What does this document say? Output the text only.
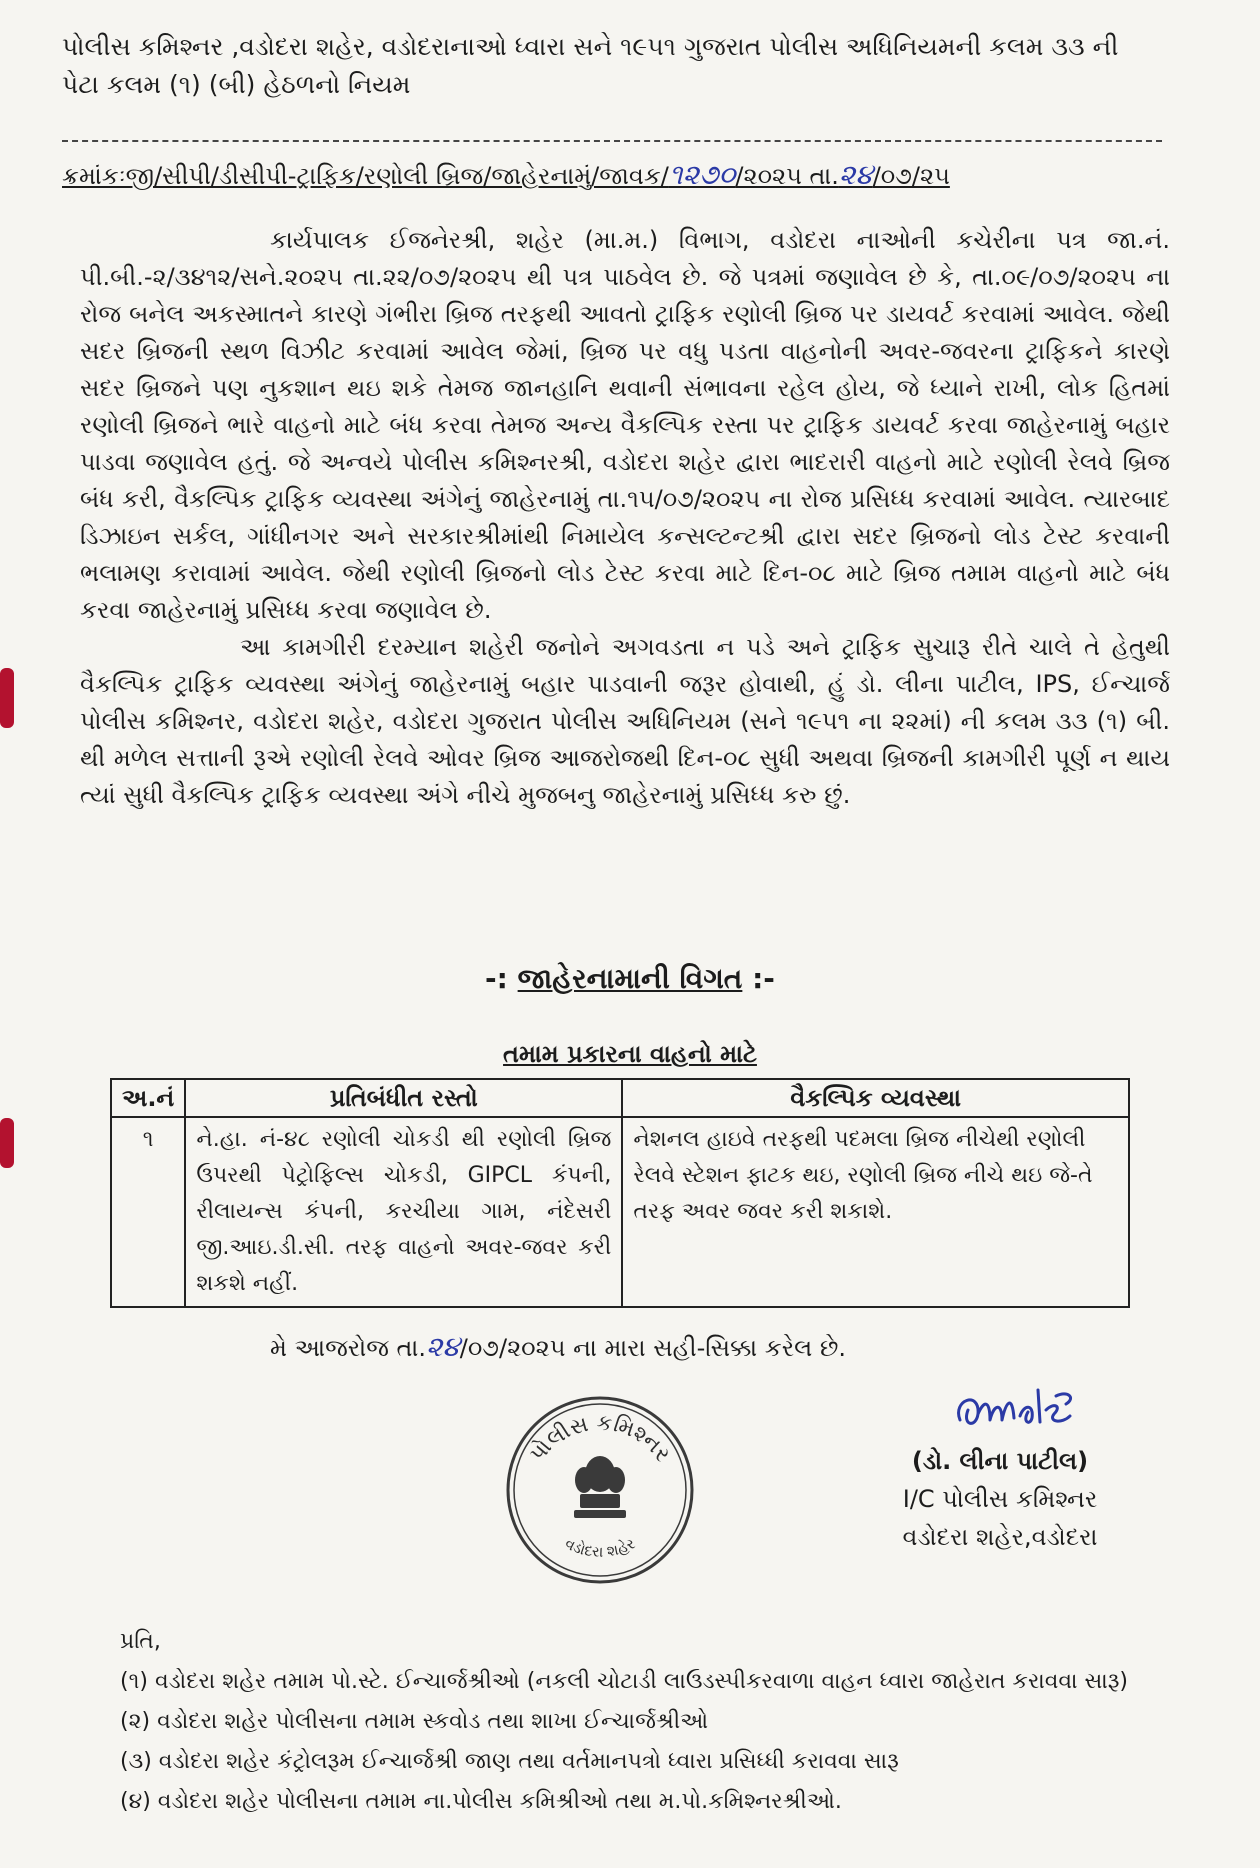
પોલીસ કમિશ્નર ,વડોદરા શહેર, વડોદરાનાઓ ધ્વારા સને ૧૯૫૧ ગુજરાત પોલીસ અધિનિયમની કલમ ૩૩ ની
પેટા કલમ (૧) (બી) હેઠળનો નિયમ
ક્રમાંકઃજી/સીપી/ડીસીપી-ટ્રાફિક/રણોલી બ્રિજ/જાહેરનામું/જાવક/૧૨૭૦/૨૦૨૫ તા.૨૪/૦૭/૨૫

કાર્યપાલક ઈજનેરશ્રી, શહેર (મા.મ.) વિભાગ, વડોદરા નાઓની કચેરીના પત્ર જા.નં. પી.બી.-૨/૩૪૧૨/સને.૨૦૨૫ તા.૨૨/૦૭/૨૦૨૫ થી પત્ર પાઠવેલ છે. જે પત્રમાં જણાવેલ છે કે, તા.૦૯/૦૭/૨૦૨૫ ના રોજ બનેલ અકસ્માતને કારણે ગંભીરા બ્રિજ તરફથી આવતો ટ્રાફિક રણોલી બ્રિજ પર ડાયવર્ટ કરવામાં આવેલ. જેથી સદર બ્રિજની સ્થળ વિઝીટ કરવામાં આવેલ જેમાં, બ્રિજ પર વધુ પડતા વાહનોની અવર-જવરના ટ્રાફિકને કારણે સદર બ્રિજને પણ નુકશાન થઇ શકે તેમજ જાનહાનિ થવાની સંભાવના રહેલ હોય, જે ધ્યાને રાખી, લોક હિતમાં રણોલી બ્રિજને ભારે વાહનો માટે બંધ કરવા તેમજ અન્ય વૈકલ્પિક રસ્તા પર ટ્રાફિક ડાયવર્ટ કરવા જાહેરનામું બહાર પાડવા જણાવેલ હતું. જે અન્વયે પોલીસ કમિશ્નરશ્રી, વડોદરા શહેર દ્વારા ભાદરારી વાહનો માટે રણોલી રેલવે બ્રિજ બંધ કરી, વૈકલ્પિક ટ્રાફિક વ્યવસ્થા અંગેનું જાહેરનામું તા.૧૫/૦૭/૨૦૨૫ ના રોજ પ્રસિધ્ધ કરવામાં આવેલ. ત્યારબાદ ડિઝાઇન સર્કલ, ગાંધીનગર અને સરકારશ્રીમાંથી નિમાયેલ કન્સલ્ટન્ટશ્રી દ્વારા સદર બ્રિજનો લોડ ટેસ્ટ કરવાની ભલામણ કરાવામાં આવેલ. જેથી રણોલી બ્રિજનો લોડ ટેસ્ટ કરવા માટે દિન-૦૮ માટે બ્રિજ તમામ વાહનો માટે બંધ કરવા જાહેરનામું પ્રસિધ્ધ કરવા જણાવેલ છે.

આ કામગીરી દરમ્યાન શહેરી જનોને અગવડતા ન પડે અને ટ્રાફિક સુચારૂ રીતે ચાલે તે હેતુથી વૈકલ્પિક ટ્રાફિક વ્યવસ્થા અંગેનું જાહેરનામું બહાર પાડવાની જરૂર હોવાથી, હું ડો. લીના પાટીલ, IPS, ઈન્ચાર્જ પોલીસ કમિશ્નર, વડોદરા શહેર, વડોદરા ગુજરાત પોલીસ અધિનિયમ (સને ૧૯૫૧ ના ૨૨માં) ની કલમ ૩૩ (૧) બી. થી મળેલ સત્તાની રૂએ રણોલી રેલવે ઓવર બ્રિજ આજરોજથી દિન-૦૮ સુધી અથવા બ્રિજની કામગીરી પૂર્ણ ન થાય ત્યાં સુધી વૈકલ્પિક ટ્રાફિક વ્યવસ્થા અંગે નીચે મુજબનુ જાહેરનામું પ્રસિધ્ધ કરુ છું.

-: જાહેરનામાની વિગત :-
તમામ પ્રકારના વાહનો માટે
અ.નં	પ્રતિબંધીત રસ્તો	વૈકલ્પિક વ્યવસ્થા
૧	ને.હા. નં-૪૮ રણોલી ચોકડી થી રણોલી બ્રિજ ઉપરથી પેટ્રોફિલ્સ ચોકડી, GIPCL કંપની, રીલાયન્સ કંપની, કરચીયા ગામ, નંદેસરી જી.આઇ.ડી.સી. તરફ વાહનો અવર-જવર કરી શકશે નહીં.	નેશનલ હાઇવે તરફથી પદમલા બ્રિજ નીચેથી રણોલી રેલવે સ્ટેશન ફાટક થઇ, રણોલી બ્રિજ નીચે થઇ જે-તે તરફ અવર જવર કરી શકાશે.
મે આજરોજ તા.૨૪/૦૭/૨૦૨૫ ના મારા સહી-સિક્કા કરેલ છે.
પોલીસ કમિશ્નર
વડોદરા શહેર
(ડો. લીના પાટીલ)
I/C પોલીસ કમિશ્નર
વડોદરા શહેર,વડોદરા
પ્રતિ,
(૧) વડોદરા શહેર તમામ પો.સ્ટે. ઈન્ચાર્જશ્રીઓ (નકલી ચોટાડી લાઉડસ્પીકરવાળા વાહન ધ્વારા જાહેરાત કરાવવા સારૂ)
(૨) વડોદરા શહેર પોલીસના તમામ સ્કવોડ તથા શાખા ઈન્ચાર્જશ્રીઓ
(૩) વડોદરા શહેર કંટ્રોલરૂમ ઈન્ચાર્જશ્રી જાણ તથા વર્તમાનપત્રો ધ્વારા પ્રસિધ્ધી કરાવવા સારૂ
(૪) વડોદરા શહેર પોલીસના તમામ ના.પોલીસ કમિશ્રીઓ તથા મ.પો.કમિશ્નરશ્રીઓ.
